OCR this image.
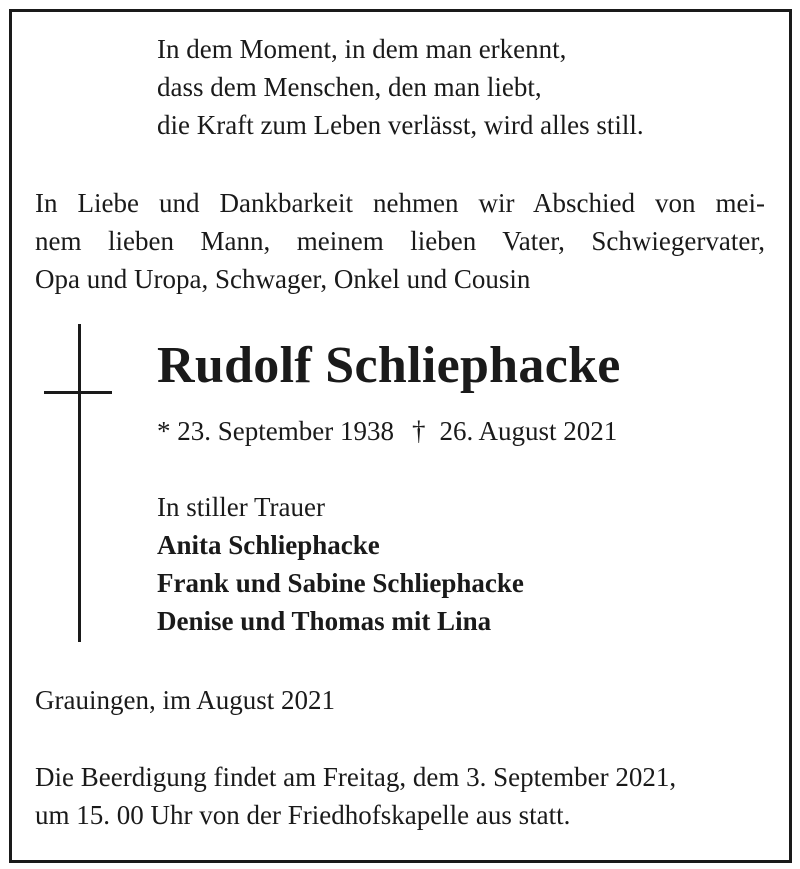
In dem Moment, in dem man erkennt,
dass dem Menschen, den man liebt,
die Kraft zum Leben verlässt, wird alles still.
In Liebe und Dankbarkeit nehmen wir Abschied von mei-
nem lieben Mann, meinem lieben Vater, Schwiegervater,
Opa und Uropa, Schwager, Onkel und Cousin
Rudolf Schliephacke
* 23. September 1938 † 26. August 2021
In stiller Trauer
Anita Schliephacke
Frank und Sabine Schliephacke
Denise und Thomas mit Lina
Grauingen, im August 2021
Die Beerdigung findet am Freitag, dem 3. September 2021,
um 15. 00 Uhr von der Friedhofskapelle aus statt.
